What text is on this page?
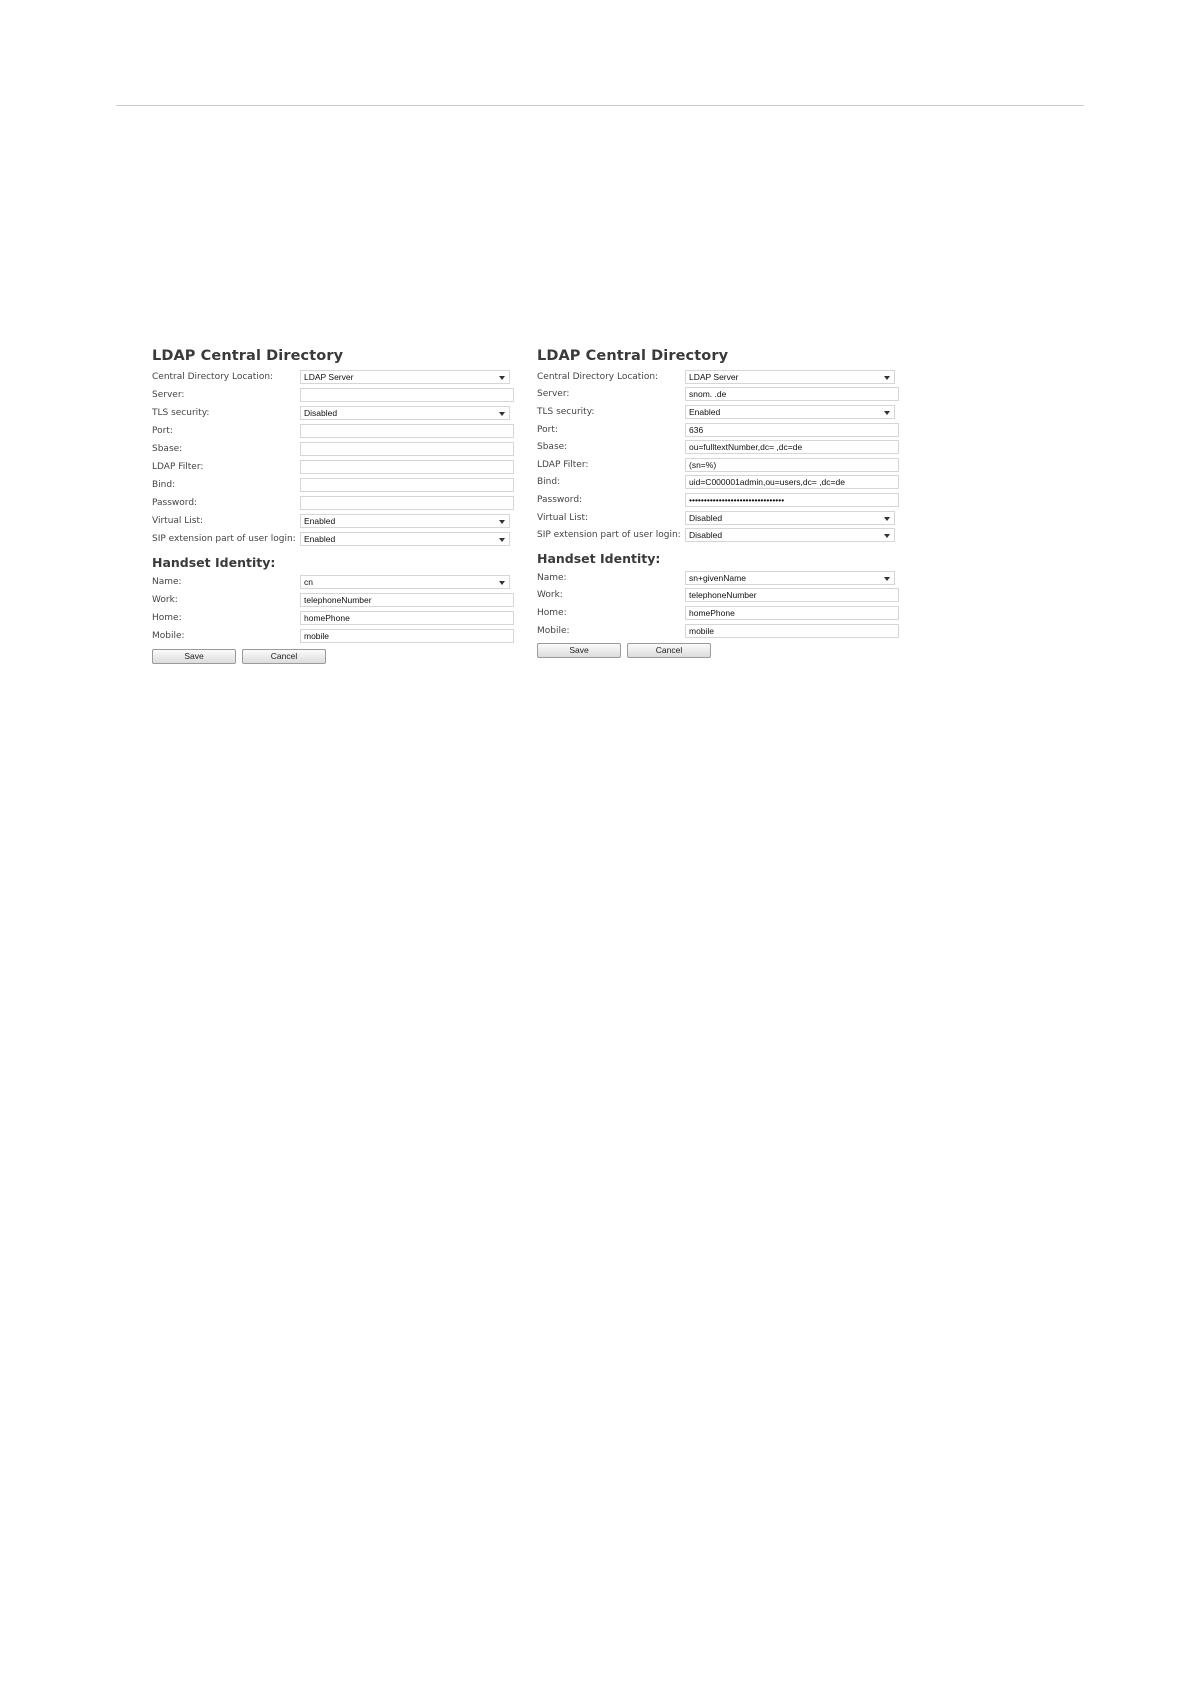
LDAP Central Directory
Central Directory Location:	LDAP Server
Server:
TLS security:	Disabled
Port:
Sbase:
LDAP Filter:
Bind:
Password:
Virtual List:	Enabled
SIP extension part of user login: Enabled
Handset Identity:
Name:	cn
Work:	telephoneNumber
Home:	homePhone
Mobile:	mobile
Save	Cancel
LDAP Central Directory
Central Directory Location:	LDAP Server
Server:	snom. .de
TLS security:	Enabled
Port:	636
Sbase:	ou=fulltextNumber,dc= ,dc=de
LDAP Filter:	(sn=%)
Bind:	uid=C000001admin,ou=users,dc= ,dc=de
Password:	••••••••••••••••••••••••••••••••
Virtual List:	Disabled
SIP extension part of user login: Disabled
Handset Identity:
Name:	sn+givenName
Work:	telephoneNumber
Home:	homePhone
Mobile:	mobile
Save	Cancel
